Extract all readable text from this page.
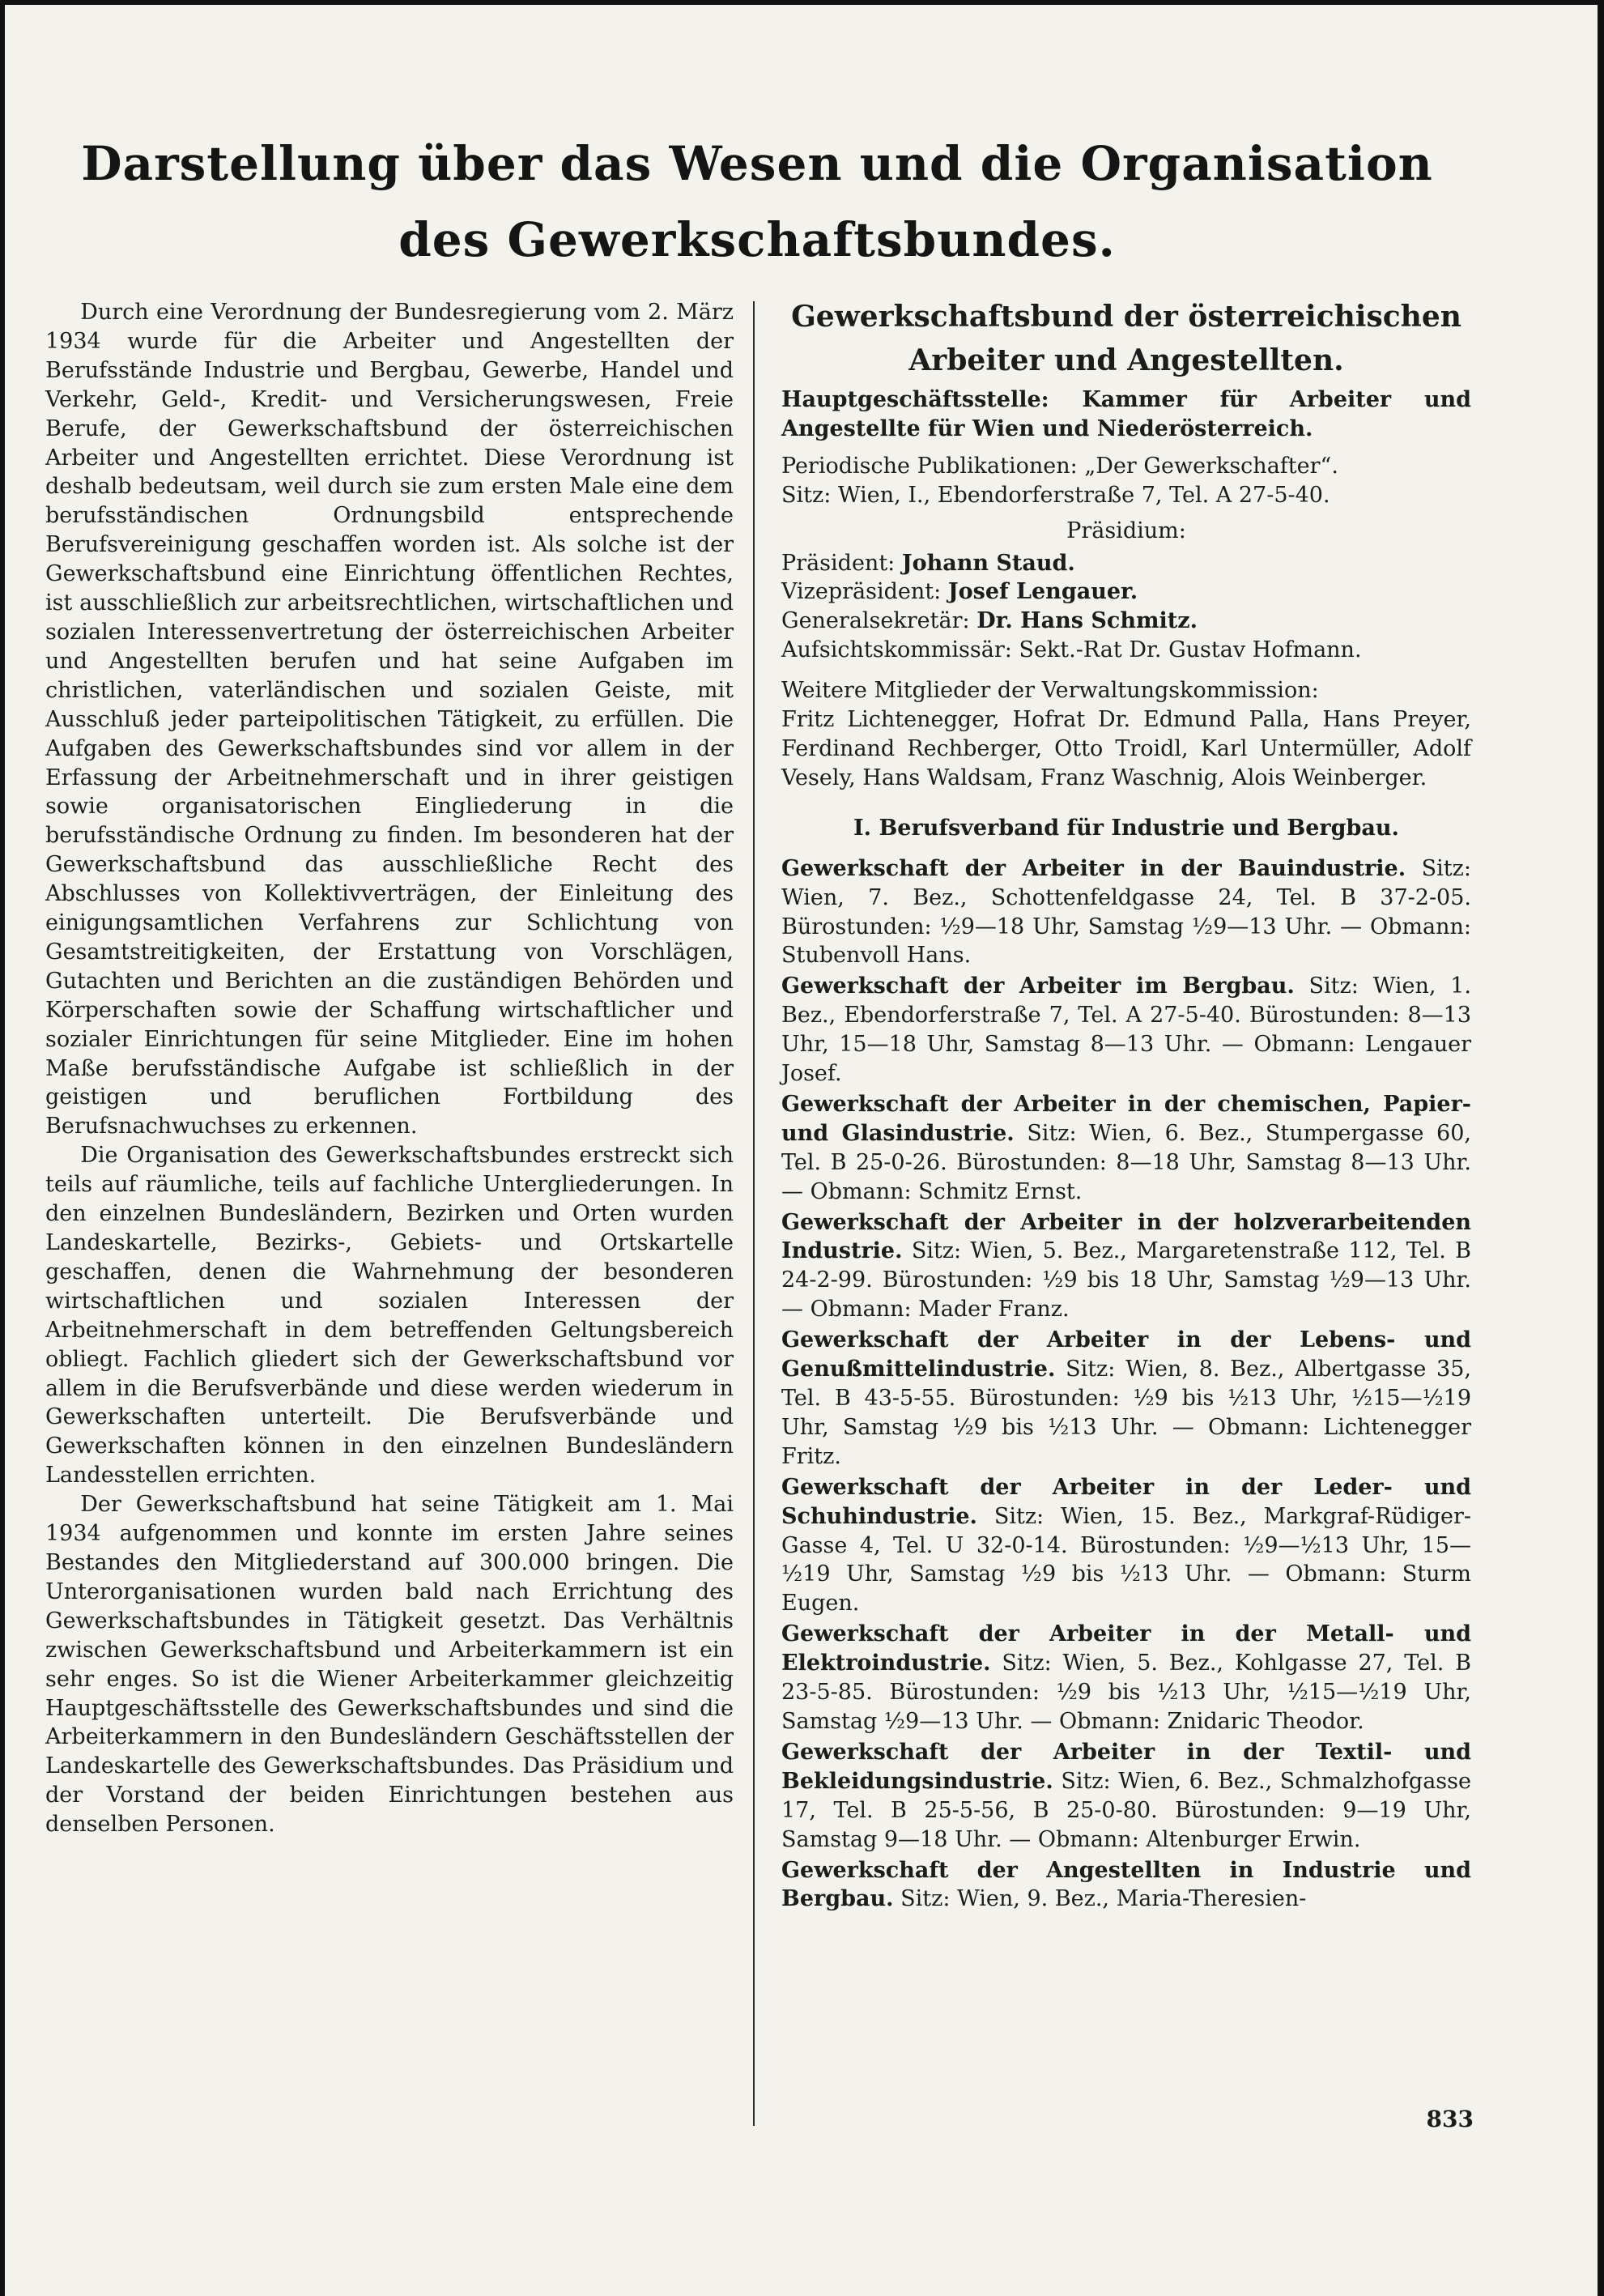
Darstellung über das Wesen und die Organisation des Gewerkschaftsbundes.

Durch eine Verordnung der Bundesregierung vom 2. März 1934 wurde für die Arbeiter und Angestellten der Berufsstände Industrie und Bergbau, Gewerbe, Handel und Verkehr, Geld-, Kredit- und Versicherungswesen, Freie Berufe, der Gewerkschaftsbund der österreichischen Arbeiter und Angestellten errichtet. Diese Verordnung ist deshalb bedeutsam, weil durch sie zum ersten Male eine dem berufsständischen Ordnungsbild entsprechende Berufsvereinigung geschaffen worden ist. Als solche ist der Gewerkschaftsbund eine Einrichtung öffentlichen Rechtes, ist ausschließlich zur arbeitsrechtlichen, wirtschaftlichen und sozialen Interessenvertretung der österreichischen Arbeiter und Angestellten berufen und hat seine Aufgaben im christlichen, vaterländischen und sozialen Geiste, mit Ausschluß jeder parteipolitischen Tätigkeit, zu erfüllen. Die Aufgaben des Gewerkschaftsbundes sind vor allem in der Erfassung der Arbeitnehmerschaft und in ihrer geistigen sowie organisatorischen Eingliederung in die berufsständische Ordnung zu finden. Im besonderen hat der Gewerkschaftsbund das ausschließliche Recht des Abschlusses von Kollektivverträgen, der Einleitung des einigungsamtlichen Verfahrens zur Schlichtung von Gesamtstreitigkeiten, der Erstattung von Vorschlägen, Gutachten und Berichten an die zuständigen Behörden und Körperschaften sowie der Schaffung wirtschaftlicher und sozialer Einrichtungen für seine Mitglieder. Eine im hohen Maße berufsständische Aufgabe ist schließlich in der geistigen und beruflichen Fortbildung des Berufsnachwuchses zu erkennen.

Die Organisation des Gewerkschaftsbundes erstreckt sich teils auf räumliche, teils auf fachliche Untergliederungen. In den einzelnen Bundesländern, Bezirken und Orten wurden Landeskartelle, Bezirks-, Gebiets- und Ortskartelle geschaffen, denen die Wahrnehmung der besonderen wirtschaftlichen und sozialen Interessen der Arbeitnehmerschaft in dem betreffenden Geltungsbereich obliegt. Fachlich gliedert sich der Gewerkschaftsbund vor allem in die Berufsverbände und diese werden wiederum in Gewerkschaften unterteilt. Die Berufsverbände und Gewerkschaften können in den einzelnen Bundesländern Landesstellen errichten.

Der Gewerkschaftsbund hat seine Tätigkeit am 1. Mai 1934 aufgenommen und konnte im ersten Jahre seines Bestandes den Mitgliederstand auf 300.000 bringen. Die Unterorganisationen wurden bald nach Errichtung des Gewerkschaftsbundes in Tätigkeit gesetzt. Das Verhältnis zwischen Gewerkschaftsbund und Arbeiterkammern ist ein sehr enges. So ist die Wiener Arbeiterkammer gleichzeitig Hauptgeschäftsstelle des Gewerkschaftsbundes und sind die Arbeiterkammern in den Bundesländern Geschäftsstellen der Landeskartelle des Gewerkschaftsbundes. Das Präsidium und der Vorstand der beiden Einrichtungen bestehen aus denselben Personen.

Gewerkschaftsbund der österreichischen Arbeiter und Angestellten.
Hauptgeschäftsstelle: Kammer für Arbeiter und Angestellte für Wien und Niederösterreich.
Periodische Publikationen: „Der Gewerkschafter“.
Sitz: Wien, I., Ebendorferstraße 7, Tel. A 27-5-40.
Präsidium:
Präsident: Johann Staud.
Vizepräsident: Josef Lengauer.
Generalsekretär: Dr. Hans Schmitz.
Aufsichtskommissär: Sekt.-Rat Dr. Gustav Hofmann.
Weitere Mitglieder der Verwaltungskommission:
Fritz Lichtenegger, Hofrat Dr. Edmund Palla, Hans Preyer, Ferdinand Rechberger, Otto Troidl, Karl Untermüller, Adolf Vesely, Hans Waldsam, Franz Waschnig, Alois Weinberger.
I. Berufsverband für Industrie und Bergbau.
Gewerkschaft der Arbeiter in der Bauindustrie. Sitz: Wien, 7. Bez., Schottenfeldgasse 24, Tel. B 37-2-05. Bürostunden: ½9—18 Uhr, Samstag ½9—13 Uhr. — Obmann: Stubenvoll Hans.
Gewerkschaft der Arbeiter im Bergbau. Sitz: Wien, 1. Bez., Ebendorferstraße 7, Tel. A 27-5-40. Bürostunden: 8—13 Uhr, 15—18 Uhr, Samstag 8—13 Uhr. — Obmann: Lengauer Josef.
Gewerkschaft der Arbeiter in der chemischen, Papier- und Glasindustrie. Sitz: Wien, 6. Bez., Stumpergasse 60, Tel. B 25-0-26. Bürostunden: 8—18 Uhr, Samstag 8—13 Uhr. — Obmann: Schmitz Ernst.
Gewerkschaft der Arbeiter in der holzverarbeitenden Industrie. Sitz: Wien, 5. Bez., Margaretenstraße 112, Tel. B 24-2-99. Bürostunden: ½9 bis 18 Uhr, Samstag ½9—13 Uhr. — Obmann: Mader Franz.
Gewerkschaft der Arbeiter in der Lebens- und Genußmittelindustrie. Sitz: Wien, 8. Bez., Albertgasse 35, Tel. B 43-5-55. Bürostunden: ½9 bis ½13 Uhr, ½15—½19 Uhr, Samstag ½9 bis ½13 Uhr. — Obmann: Lichtenegger Fritz.
Gewerkschaft der Arbeiter in der Leder- und Schuhindustrie. Sitz: Wien, 15. Bez., Markgraf-Rüdiger-Gasse 4, Tel. U 32-0-14. Bürostunden: ½9—½13 Uhr, 15—½19 Uhr, Samstag ½9 bis ½13 Uhr. — Obmann: Sturm Eugen.
Gewerkschaft der Arbeiter in der Metall- und Elektroindustrie. Sitz: Wien, 5. Bez., Kohlgasse 27, Tel. B 23-5-85. Bürostunden: ½9 bis ½13 Uhr, ½15—½19 Uhr, Samstag ½9—13 Uhr. — Obmann: Znidaric Theodor.
Gewerkschaft der Arbeiter in der Textil- und Bekleidungsindustrie. Sitz: Wien, 6. Bez., Schmalzhofgasse 17, Tel. B 25-5-56, B 25-0-80. Bürostunden: 9—19 Uhr, Samstag 9—18 Uhr. — Obmann: Altenburger Erwin.
Gewerkschaft der Angestellten in Industrie und Bergbau. Sitz: Wien, 9. Bez., Maria-Theresien-
833
